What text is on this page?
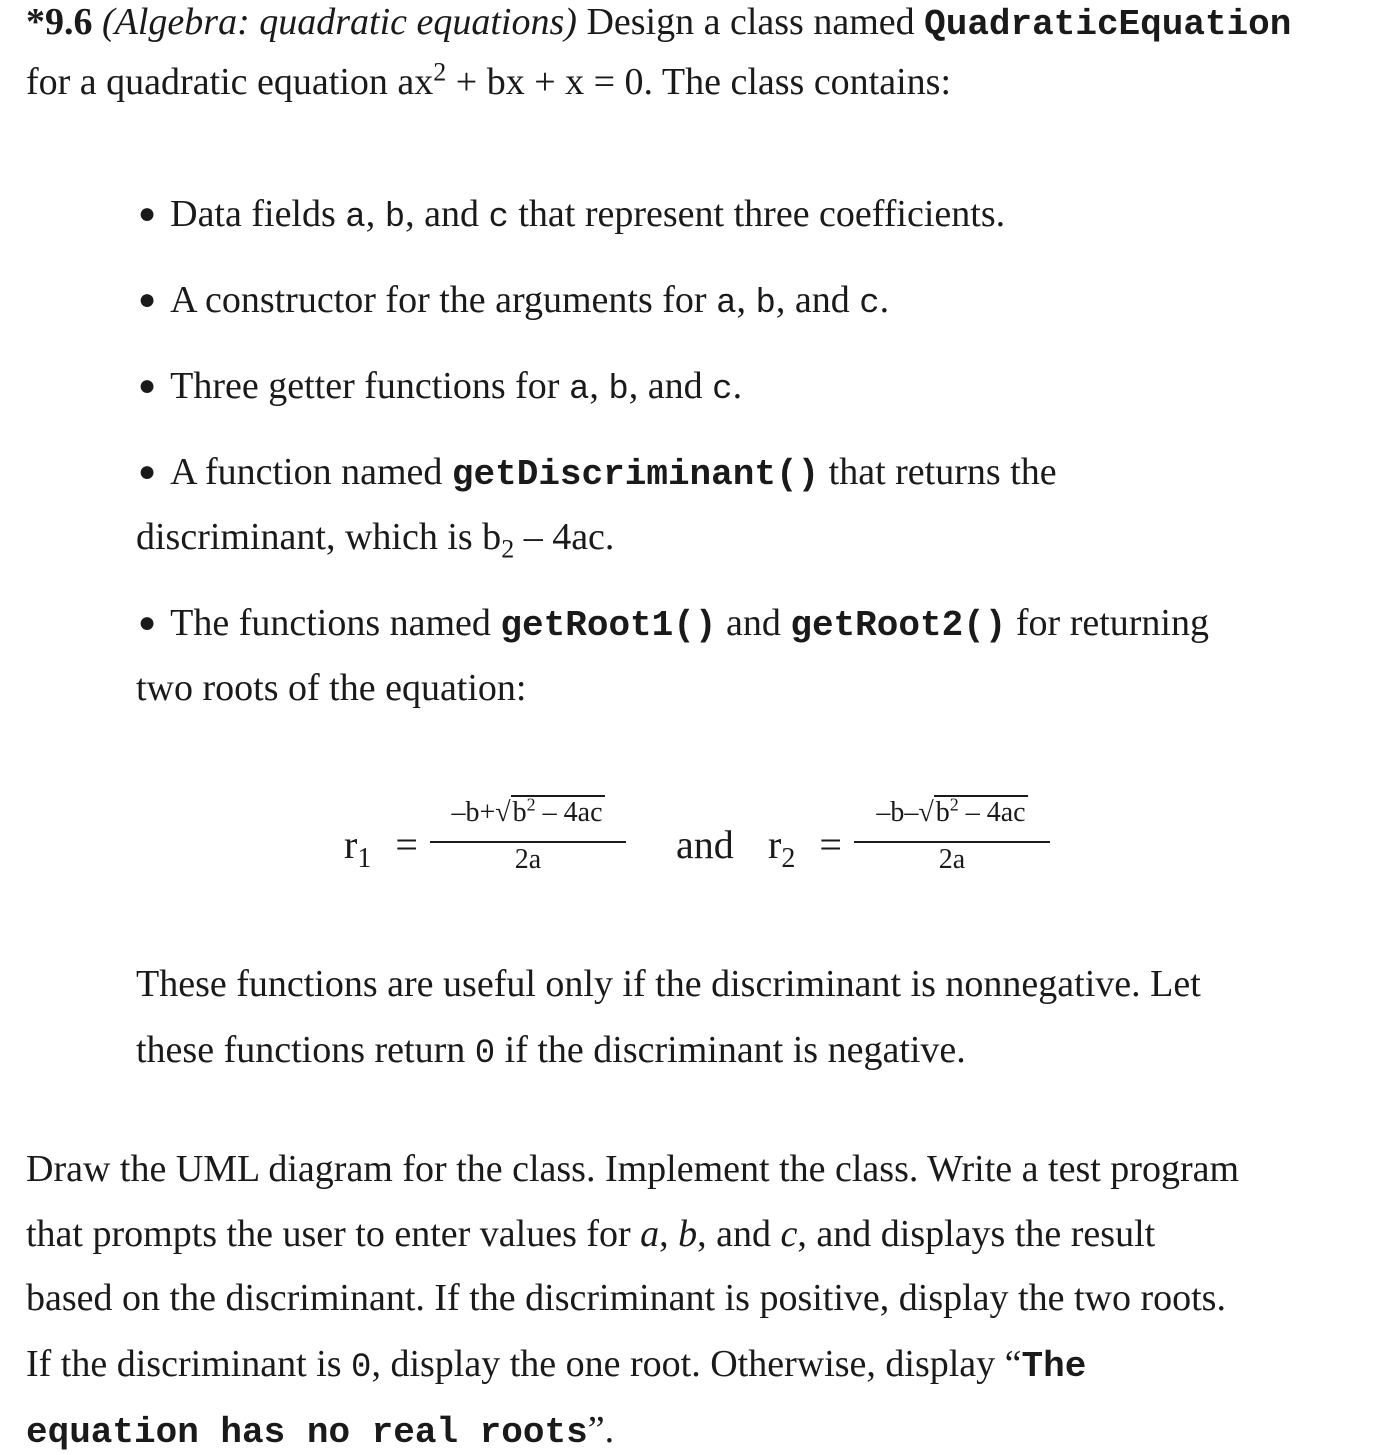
*9.6 (Algebra: quadratic equations) Design a class named QuadraticEquation
for a quadratic equation $ax^2$ + bx + x = 0. The class contains:
● Data fields a, b, and c that represent three coefficients.
● A constructor for the arguments for a, b, and c.
● Three getter functions for a, b, and c.
● A function named getDiscriminant() that returns the
discriminant, which is $b_2 - 4ac$.
● The functions named getRoot1() and getRoot2() for returning
two roots of the equation:
$r_1$ =
$-b+√b^2 - 4ac$
2a	and $r_2$ =
$-b-√b^2 - 4ac$
2a
These functions are useful only if the discriminant is nonnegative. Let
these functions return 0 if the discriminant is negative.
Draw the UML diagram for the class. Implement the class. Write a test program
that prompts the user to enter values for a, b, and c, and displays the result
based on the discriminant. If the discriminant is positive, display the two roots.
If the discriminant is 0, display the one root. Otherwise, display “The
equation has no real roots”.
